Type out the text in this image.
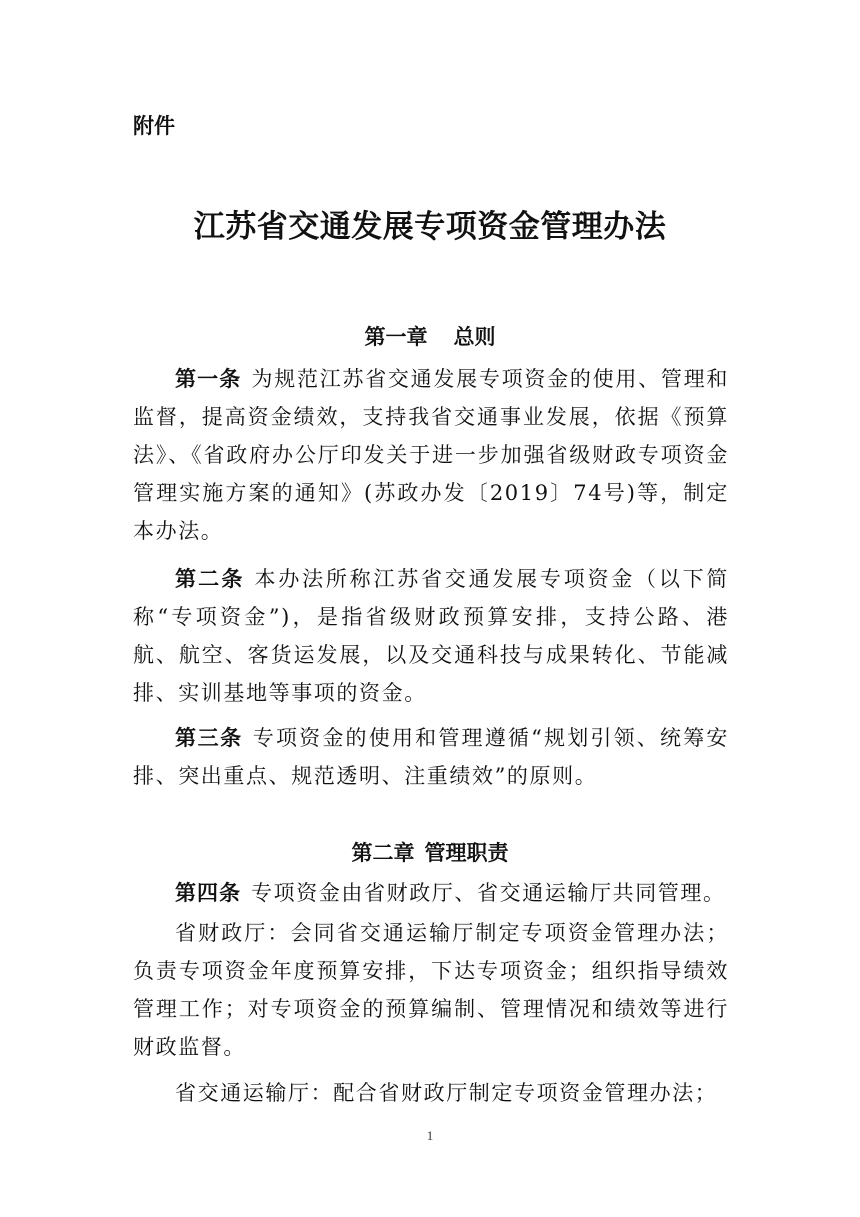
附件
江苏省交通发展专项资金管理办法
第一章 总则

第一条 为规范江苏省交通发展专项资金的使用、管理和监督，提高资金绩效，支持我省交通事业发展，依据《预算法》、《省政府办公厅印发关于进一步加强省级财政专项资金管理实施方案的通知》(苏政办发〔2019〕74号)等，制定本办法。

第二条 本办法所称江苏省交通发展专项资金（以下简称“专项资金”)，是指省级财政预算安排，支持公路、港航、航空、客货运发展，以及交通科技与成果转化、节能减排、实训基地等事项的资金。

第三条 专项资金的使用和管理遵循“规划引领、统筹安排、突出重点、规范透明、注重绩效”的原则。

第二章 管理职责

第四条 专项资金由省财政厅、省交通运输厅共同管理。

省财政厅：会同省交通运输厅制定专项资金管理办法；负责专项资金年度预算安排，下达专项资金；组织指导绩效管理工作；对专项资金的预算编制、管理情况和绩效等进行财政监督。

省交通运输厅：配合省财政厅制定专项资金管理办法；

1
